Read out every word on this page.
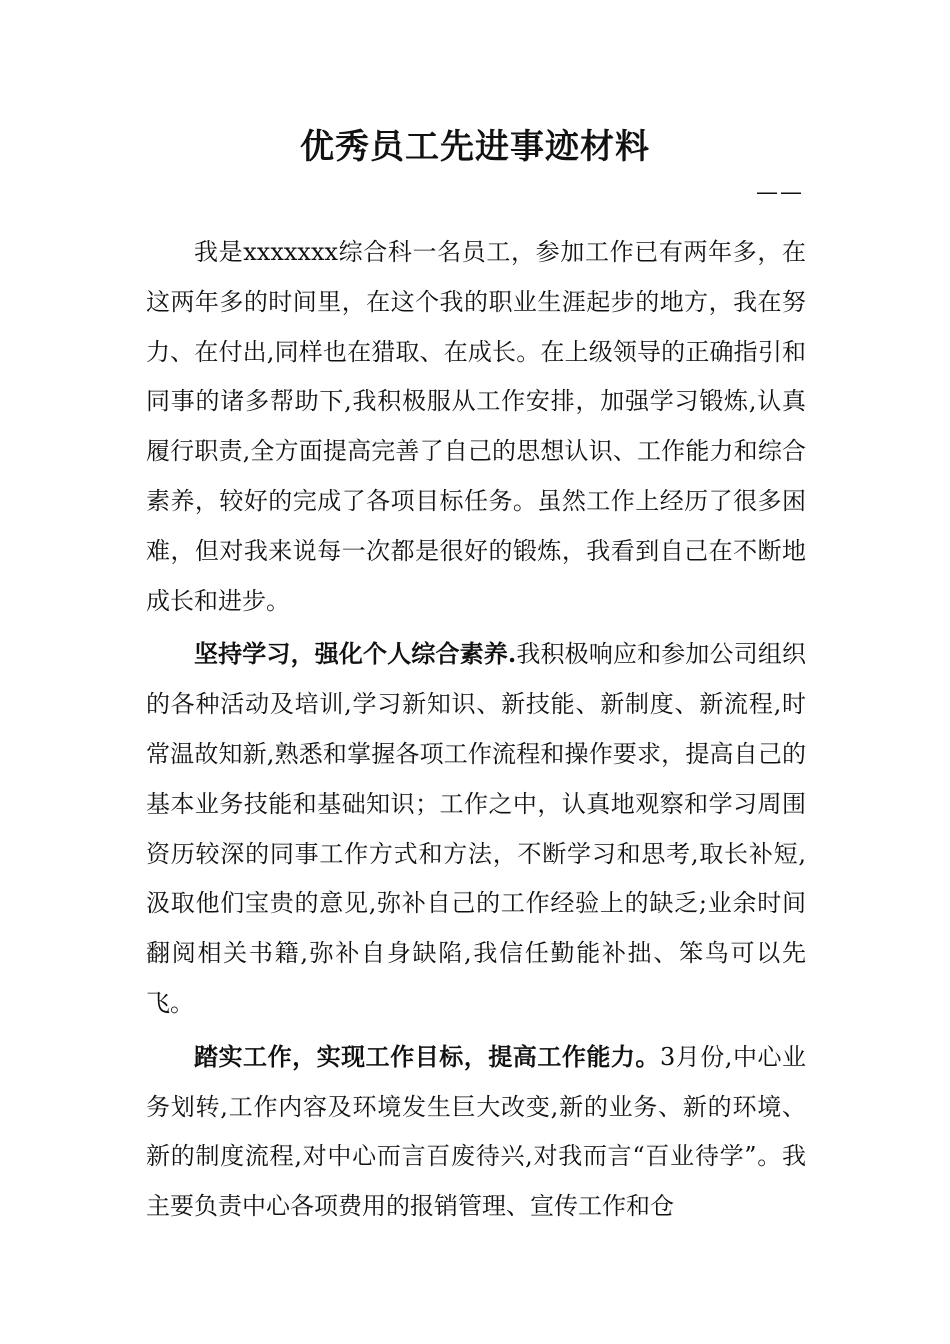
优秀员工先进事迹材料
——

我是xxxxxxx综合科一名员工，参加工作已有两年多，在这两年多的时间里，在这个我的职业生涯起步的地方，我在努力、在付出,同样也在猎取、在成长。在上级领导的正确指引和同事的诸多帮助下,我积极服从工作安排，加强学习锻炼,认真履行职责,全方面提高完善了自己的思想认识、工作能力和综合素养，较好的完成了各项目标任务。虽然工作上经历了很多困难，但对我来说每一次都是很好的锻炼，我看到自己在不断地成长和进步。

坚持学习，强化个人综合素养.我积极响应和参加公司组织的各种活动及培训,学习新知识、新技能、新制度、新流程,时常温故知新,熟悉和掌握各项工作流程和操作要求，提高自己的基本业务技能和基础知识；工作之中，认真地观察和学习周围资历较深的同事工作方式和方法，不断学习和思考,取长补短,汲取他们宝贵的意见,弥补自己的工作经验上的缺乏;业余时间翻阅相关书籍,弥补自身缺陷,我信任勤能补拙、笨鸟可以先飞。

踏实工作，实现工作目标，提高工作能力。3月份,中心业务划转,工作内容及环境发生巨大改变,新的业务、新的环境、新的制度流程,对中心而言百废待兴,对我而言“百业待学”。我主要负责中心各项费用的报销管理、宣传工作和仓
